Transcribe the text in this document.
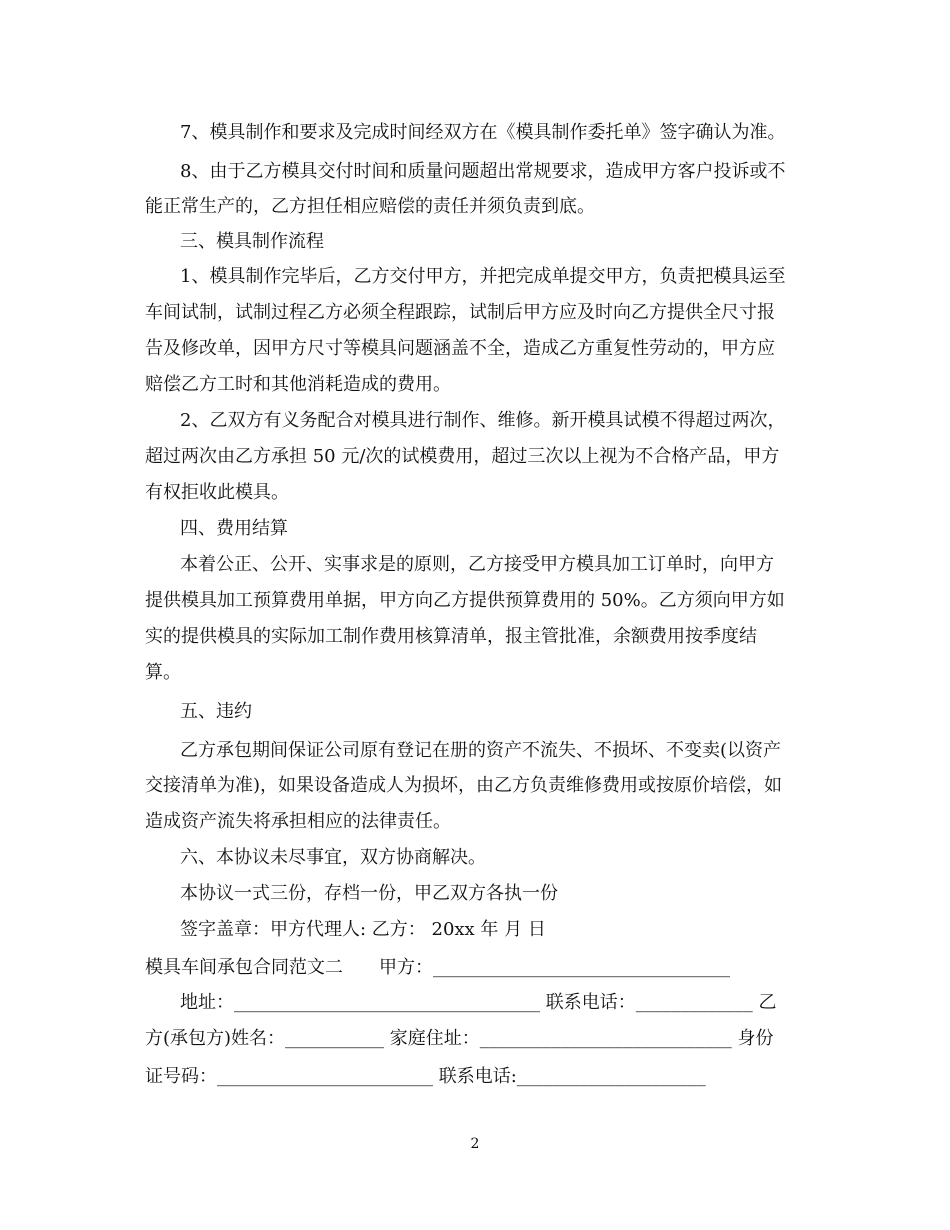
7、模具制作和要求及完成时间经双方在《模具制作委托单》签字确认为准。
8、由于乙方模具交付时间和质量问题超出常规要求，造成甲方客户投诉或不
能正常生产的，乙方担任相应赔偿的责任并须负责到底。
三、模具制作流程
1、模具制作完毕后，乙方交付甲方，并把完成单提交甲方，负责把模具运至
车间试制，试制过程乙方必须全程跟踪，试制后甲方应及时向乙方提供全尺寸报
告及修改单，因甲方尺寸等模具问题涵盖不全，造成乙方重复性劳动的，甲方应
赔偿乙方工时和其他消耗造成的费用。
2、乙双方有义务配合对模具进行制作、维修。新开模具试模不得超过两次，
超过两次由乙方承担 50 元/次的试模费用，超过三次以上视为不合格产品，甲方
有权拒收此模具。
四、费用结算
本着公正、公开、实事求是的原则，乙方接受甲方模具加工订单时，向甲方
提供模具加工预算费用单据，甲方向乙方提供预算费用的 50%。乙方须向甲方如
实的提供模具的实际加工制作费用核算清单，报主管批准，余额费用按季度结
算。
五、违约
乙方承包期间保证公司原有登记在册的资产不流失、不损坏、不变卖(以资产
交接清单为准)，如果设备造成人为损坏，由乙方负责维修费用或按原价培偿，如
造成资产流失将承担相应的法律责任。
六、本协议未尽事宜，双方协商解决。
本协议一式三份，存档一份，甲乙双方各执一份
签字盖章：甲方代理人: 乙方： 20xx 年 月 日
模具车间承包合同范文二　　甲方：_________________________________
地址：__________________________________ 联系电话：_____________ 乙
方(承包方)姓名：___________ 家庭住址：____________________________ 身份
证号码：________________________ 联系电话:_____________________
2
